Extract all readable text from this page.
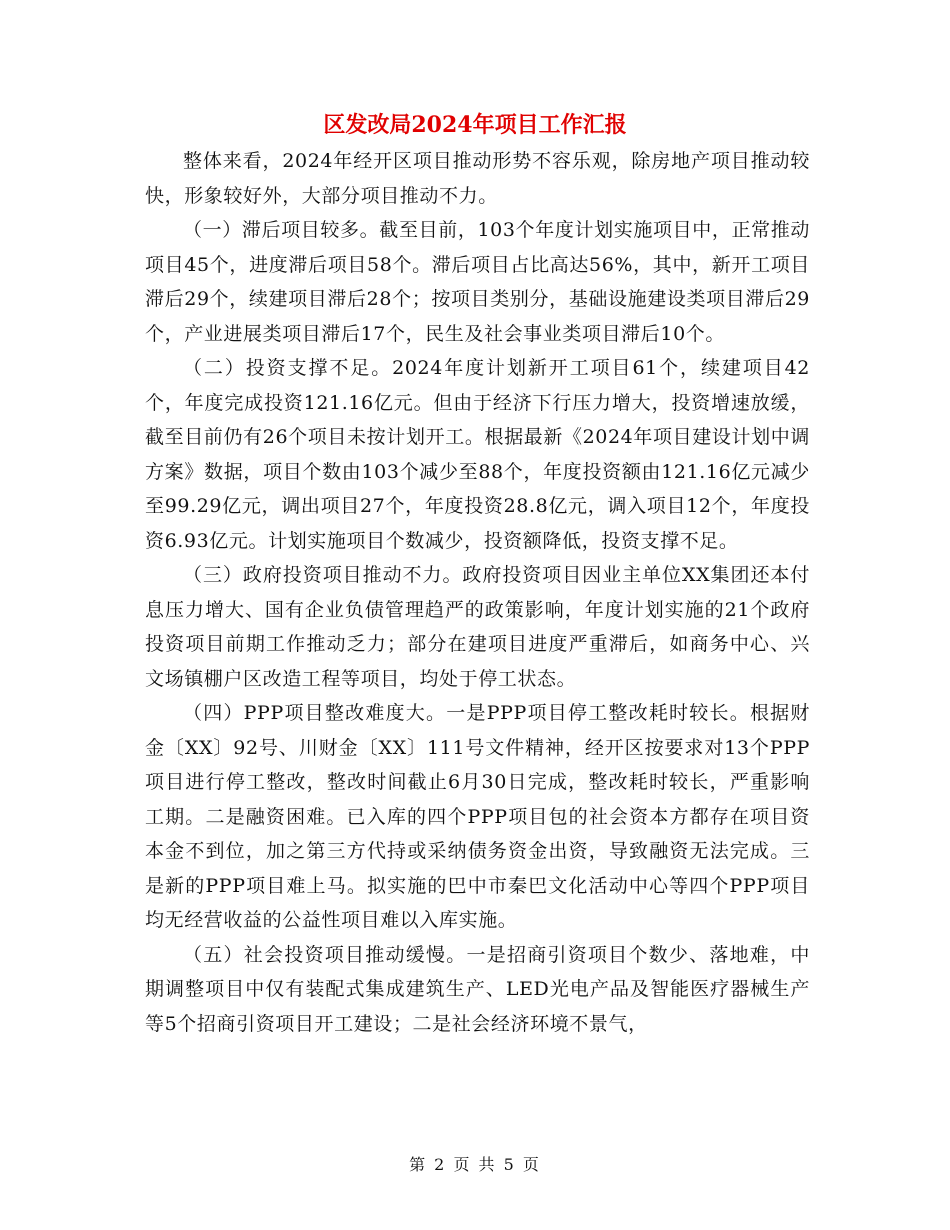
区发改局2024年项目工作汇报

整体来看，2024年经开区项目推动形势不容乐观，除房地产项目推动较快，形象较好外，大部分项目推动不力。

（一）滞后项目较多。截至目前，103个年度计划实施项目中，正常推动项目45个，进度滞后项目58个。滞后项目占比高达56%，其中，新开工项目滞后29个，续建项目滞后28个；按项目类别分，基础设施建设类项目滞后29个，产业进展类项目滞后17个，民生及社会事业类项目滞后10个。

（二）投资支撑不足。2024年度计划新开工项目61个，续建项目42个，年度完成投资121.16亿元。但由于经济下行压力增大，投资增速放缓，截至目前仍有26个项目未按计划开工。根据最新《2024年项目建设计划中调方案》数据，项目个数由103个减少至88个，年度投资额由121.16亿元减少至99.29亿元，调出项目27个，年度投资28.8亿元，调入项目12个，年度投资6.93亿元。计划实施项目个数减少，投资额降低，投资支撑不足。

（三）政府投资项目推动不力。政府投资项目因业主单位XX集团还本付息压力增大、国有企业负债管理趋严的政策影响，年度计划实施的21个政府投资项目前期工作推动乏力；部分在建项目进度严重滞后，如商务中心、兴文场镇棚户区改造工程等项目，均处于停工状态。

（四）PPP项目整改难度大。一是PPP项目停工整改耗时较长。根据财金〔XX〕92号、川财金〔XX〕111号文件精神，经开区按要求对13个PPP项目进行停工整改，整改时间截止6月30日完成，整改耗时较长，严重影响工期。二是融资困难。已入库的四个PPP项目包的社会资本方都存在项目资本金不到位，加之第三方代持或采纳债务资金出资，导致融资无法完成。三是新的PPP项目难上马。拟实施的巴中市秦巴文化活动中心等四个PPP项目均无经营收益的公益性项目难以入库实施。

（五）社会投资项目推动缓慢。一是招商引资项目个数少、落地难，中期调整项目中仅有装配式集成建筑生产、LED光电产品及智能医疗器械生产等5个招商引资项目开工建设；二是社会经济环境不景气，

第 2 页 共 5 页
